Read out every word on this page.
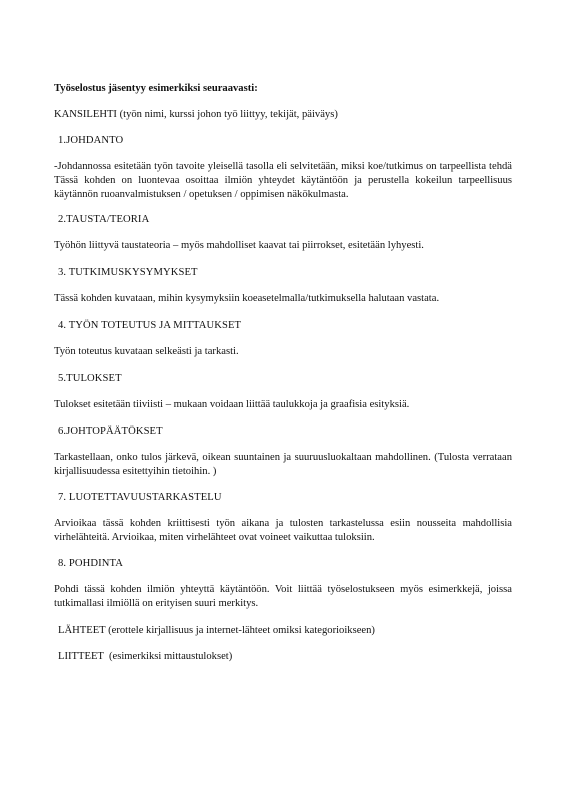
Työselostus jäsentyy esimerkiksi seuraavasti:

KANSILEHTI (työn nimi, kurssi johon työ liittyy, tekijät, päiväys)

1.JOHDANTO

-Johdannossa esitetään työn tavoite yleisellä tasolla eli selvitetään, miksi koe/tutkimus on tarpeellista tehdä Tässä kohden on luontevaa osoittaa ilmiön yhteydet käytäntöön ja perustella kokeilun tarpeellisuus käytännön ruoanvalmistuksen / opetuksen / oppimisen näkökulmasta.

2.TAUSTA/TEORIA

Työhön liittyvä taustateoria – myös mahdolliset kaavat tai piirrokset, esitetään lyhyesti.

3. TUTKIMUSKYSYMYKSET

Tässä kohden kuvataan, mihin kysymyksiin koeasetelmalla/tutkimuksella halutaan vastata.

4. TYÖN TOTEUTUS JA MITTAUKSET

Työn toteutus kuvataan selkeästi ja tarkasti.

5.TULOKSET

Tulokset esitetään tiiviisti – mukaan voidaan liittää taulukkoja ja graafisia esityksiä.

6.JOHTOPÄÄTÖKSET

Tarkastellaan, onko tulos järkevä, oikean suuntainen ja suuruusluokaltaan mahdollinen. (Tulosta verrataan kirjallisuudessa esitettyihin tietoihin. )

7. LUOTETTAVUUSTARKASTELU

Arvioikaa tässä kohden kriittisesti työn aikana ja tulosten tarkastelussa esiin nousseita mahdollisia virhelähteitä. Arvioikaa, miten virhelähteet ovat voineet vaikuttaa tuloksiin.

8. POHDINTA

Pohdi tässä kohden ilmiön yhteyttä käytäntöön. Voit liittää työselostukseen myös esimerkkejä, joissa tutkimallasi ilmiöllä on erityisen suuri merkitys.

LÄHTEET (erottele kirjallisuus ja internet-lähteet omiksi kategorioikseen)

LIITTEET  (esimerkiksi mittaustulokset)
